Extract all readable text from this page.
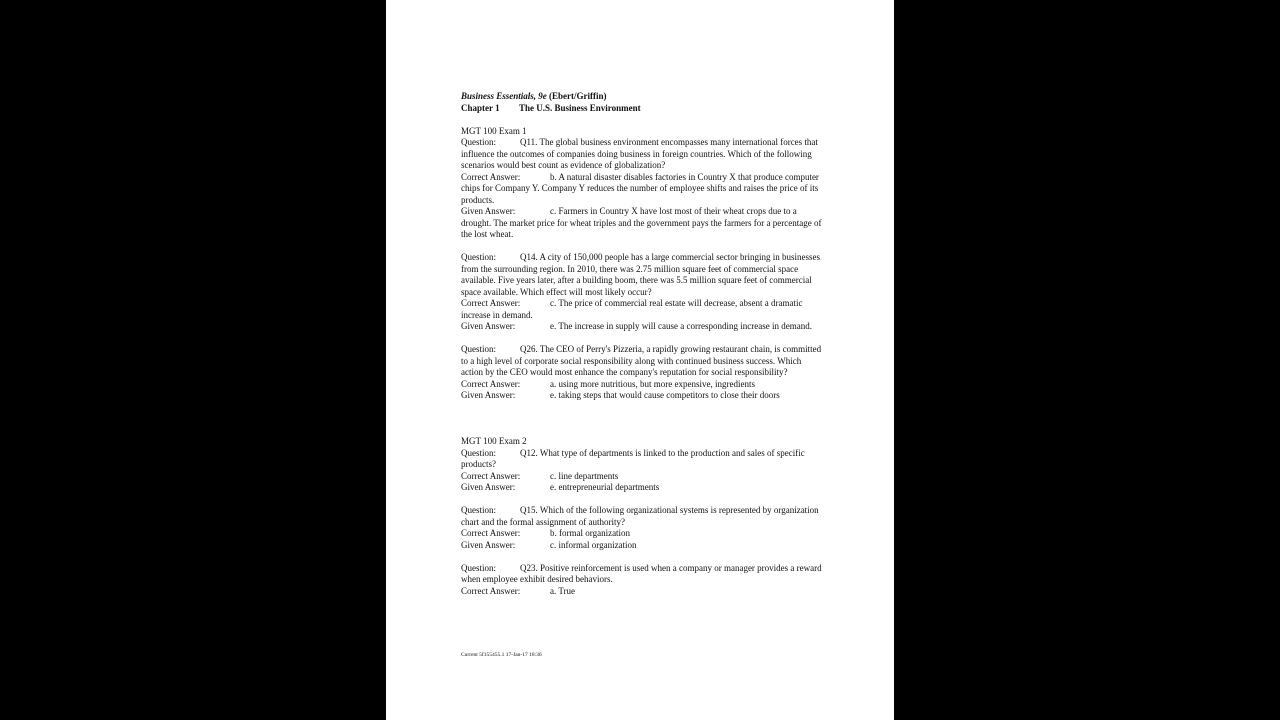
Business Essentials, 9e (Ebert/Griffin)
Chapter 1 The U.S. Business Environment
MGT 100 Exam 1
Question:	Q11. The global business environment encompasses many international forces that influence the outcomes of companies doing business in foreign countries. Which of the following scenarios would best count as evidence of globalization?
Correct Answer:	b. A natural disaster disables factories in Country X that produce computer chips for Company Y. Company Y reduces the number of employee shifts and raises the price of its products.
Given Answer:	c. Farmers in Country X have lost most of their wheat crops due to a drought. The market price for wheat triples and the government pays the farmers for a percentage of the lost wheat.
Question:	Q14. A city of 150,000 people has a large commercial sector bringing in businesses from the surrounding region. In 2010, there was 2.75 million square feet of commercial space available. Five years later, after a building boom, there was 5.5 million square feet of commercial space available. Which effect will most likely occur?
Correct Answer:	c. The price of commercial real estate will decrease, absent a dramatic increase in demand.
Given Answer:	e. The increase in supply will cause a corresponding increase in demand.
Question:	Q26. The CEO of Perry's Pizzeria, a rapidly growing restaurant chain, is committed to a high level of corporate social responsibility along with continued business success. Which action by the CEO would most enhance the company's reputation for social responsibility?
Correct Answer:	a. using more nutritious, but more expensive, ingredients
Given Answer:	e. taking steps that would cause competitors to close their doors
MGT 100 Exam 2
Question:	Q12. What type of departments is linked to the production and sales of specific products?
Correct Answer:	c. line departments
Given Answer:	e. entrepreneurial departments
Question:	Q15. Which of the following organizational systems is represented by organization chart and the formal assignment of authority?
Correct Answer:	b. formal organization
Given Answer:	c. informal organization
Question:	Q23. Positive reinforcement is used when a company or manager provides a reward when employee exhibit desired behaviors.
Correct Answer:	a. True
Current 5f155455.1 17-Jan-17 18:36
